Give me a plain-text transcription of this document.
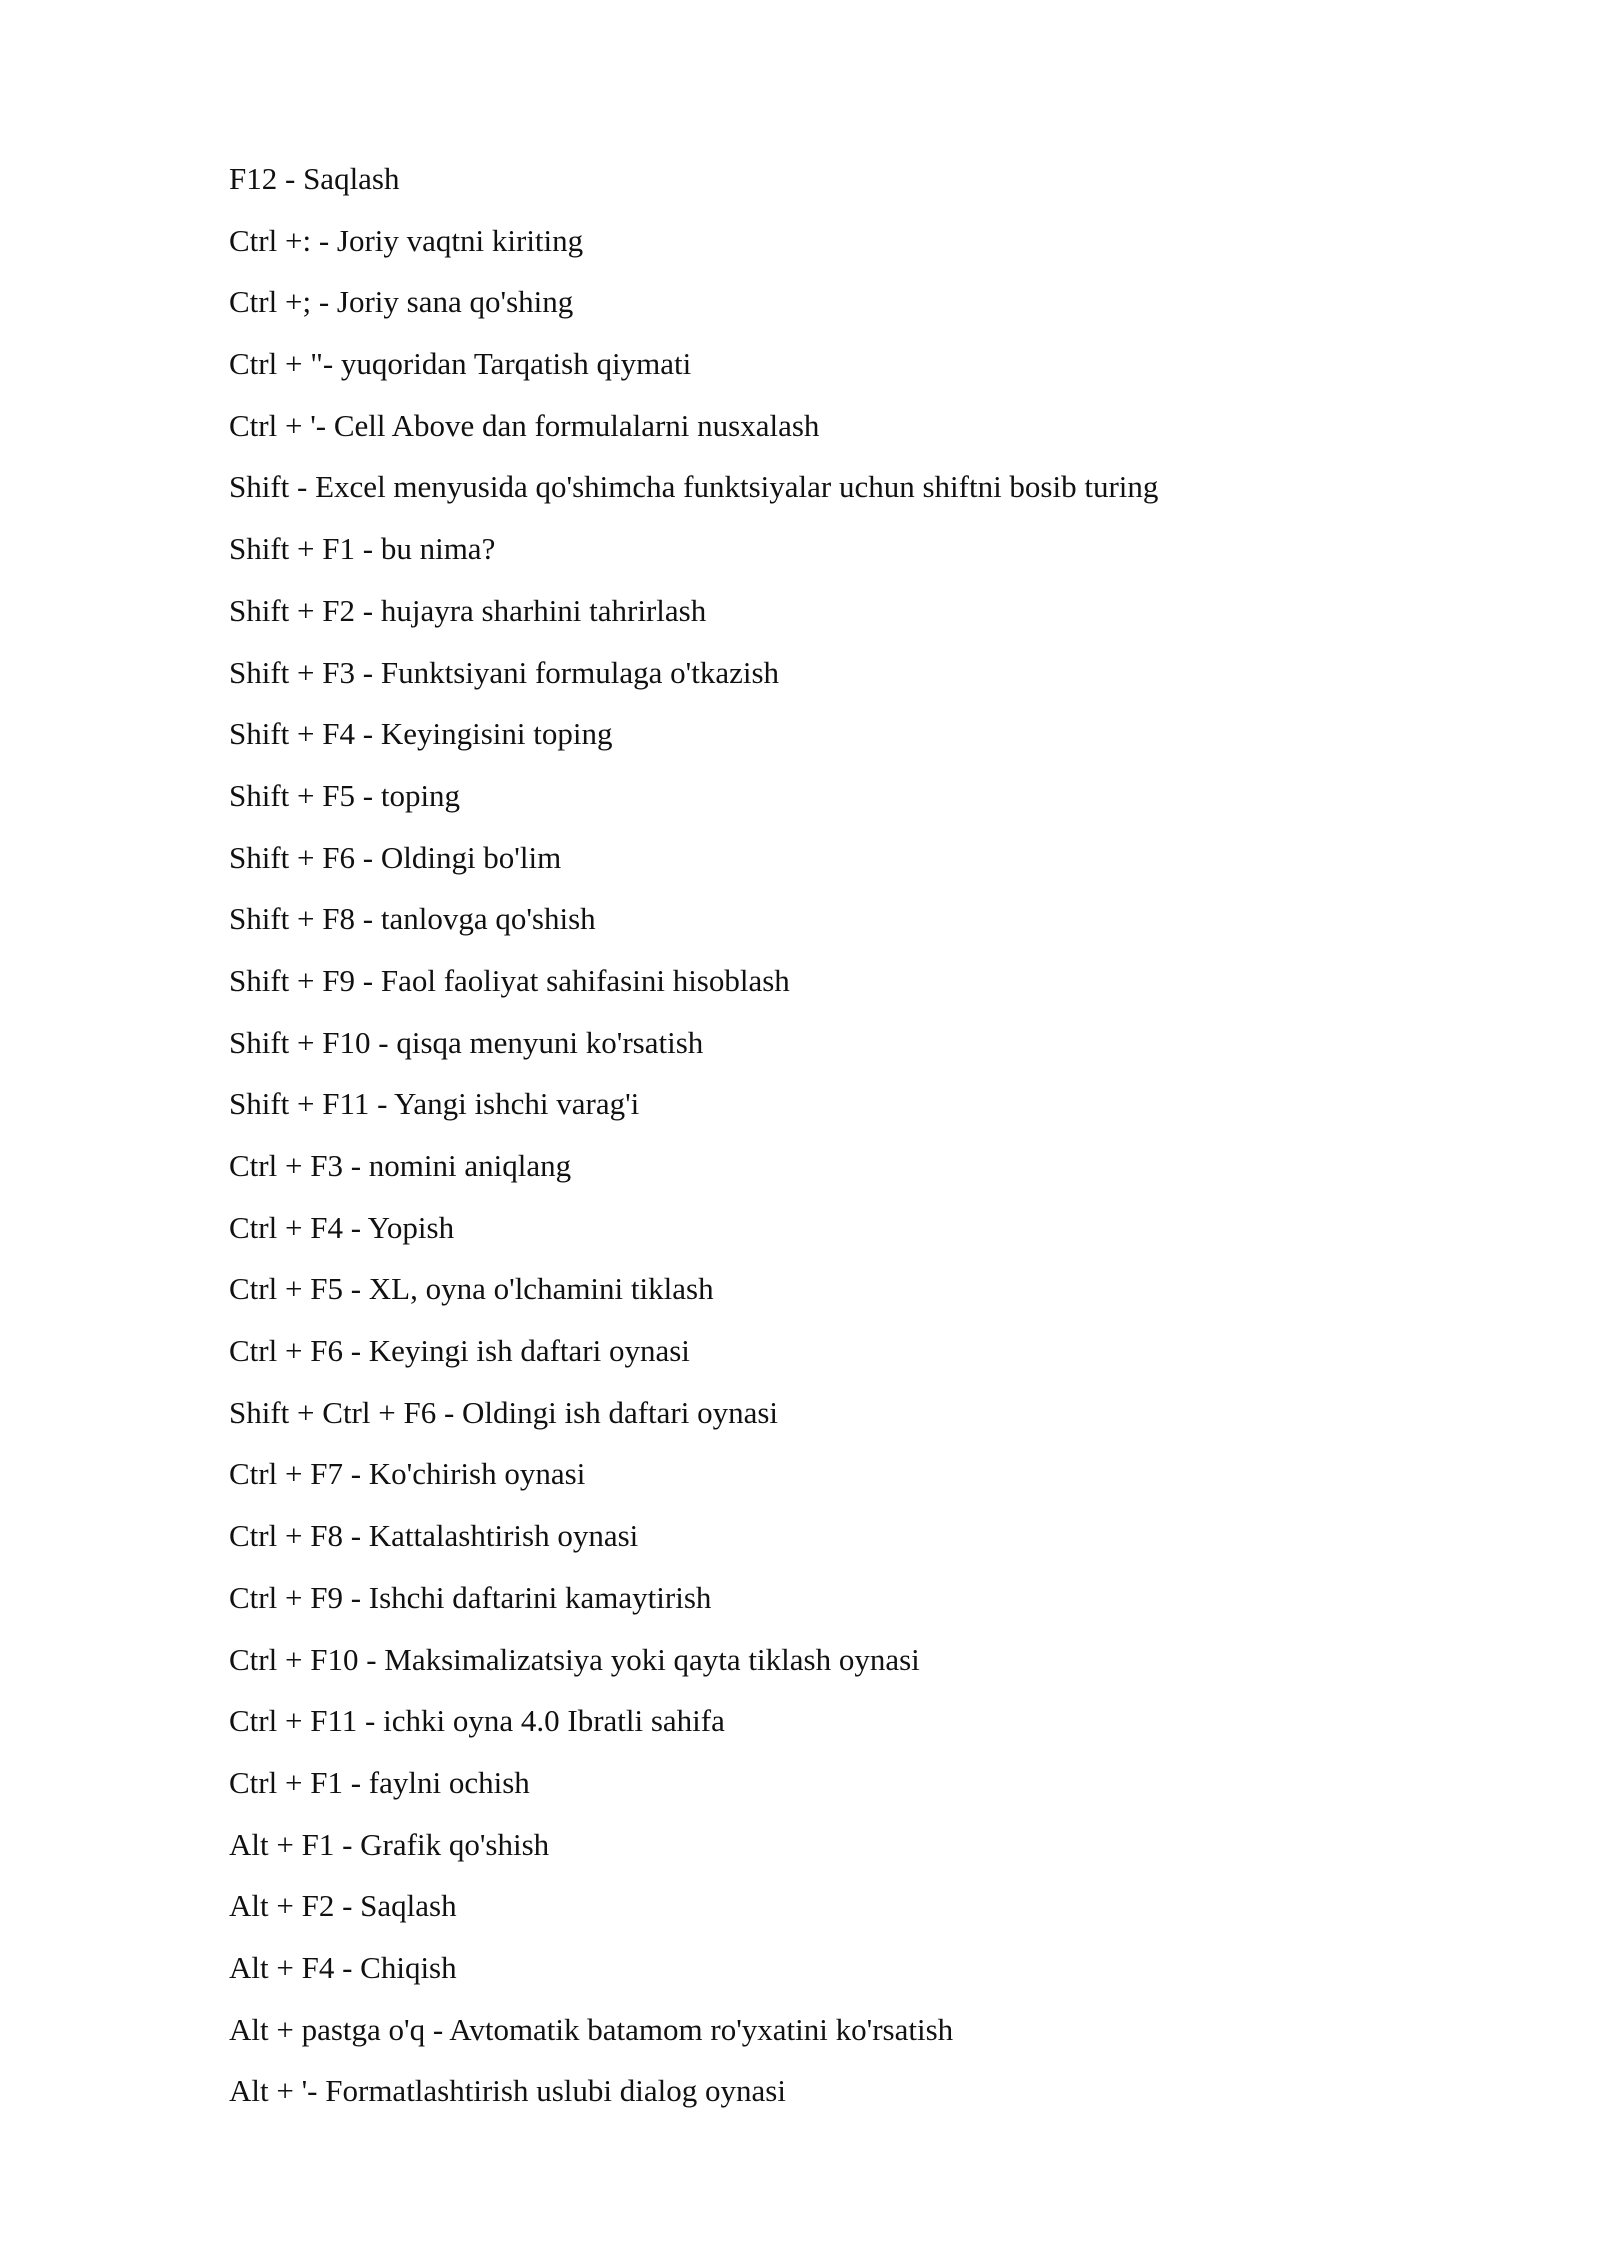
F12 - Saqlash
Ctrl +: - Joriy vaqtni kiriting
Ctrl +; - Joriy sana qo'shing
Ctrl + "- yuqoridan Tarqatish qiymati
Ctrl + '- Cell Above dan formulalarni nusxalash
Shift - Excel menyusida qo'shimcha funktsiyalar uchun shiftni bosib turing
Shift + F1 - bu nima?
Shift + F2 - hujayra sharhini tahrirlash
Shift + F3 - Funktsiyani formulaga o'tkazish
Shift + F4 - Keyingisini toping
Shift + F5 - toping
Shift + F6 - Oldingi bo'lim
Shift + F8 - tanlovga qo'shish
Shift + F9 - Faol faoliyat sahifasini hisoblash
Shift + F10 - qisqa menyuni ko'rsatish
Shift + F11 - Yangi ishchi varag'i
Ctrl + F3 - nomini aniqlang
Ctrl + F4 - Yopish
Ctrl + F5 - XL, oyna o'lchamini tiklash
Ctrl + F6 - Keyingi ish daftari oynasi
Shift + Ctrl + F6 - Oldingi ish daftari oynasi
Ctrl + F7 - Ko'chirish oynasi
Ctrl + F8 - Kattalashtirish oynasi
Ctrl + F9 - Ishchi daftarini kamaytirish
Ctrl + F10 - Maksimalizatsiya yoki qayta tiklash oynasi
Ctrl + F11 - ichki oyna 4.0 Ibratli sahifa
Ctrl + F1 - faylni ochish
Alt + F1 - Grafik qo'shish
Alt + F2 - Saqlash
Alt + F4 - Chiqish
Alt + pastga o'q - Avtomatik batamom ro'yxatini ko'rsatish
Alt + '- Formatlashtirish uslubi dialog oynasi
